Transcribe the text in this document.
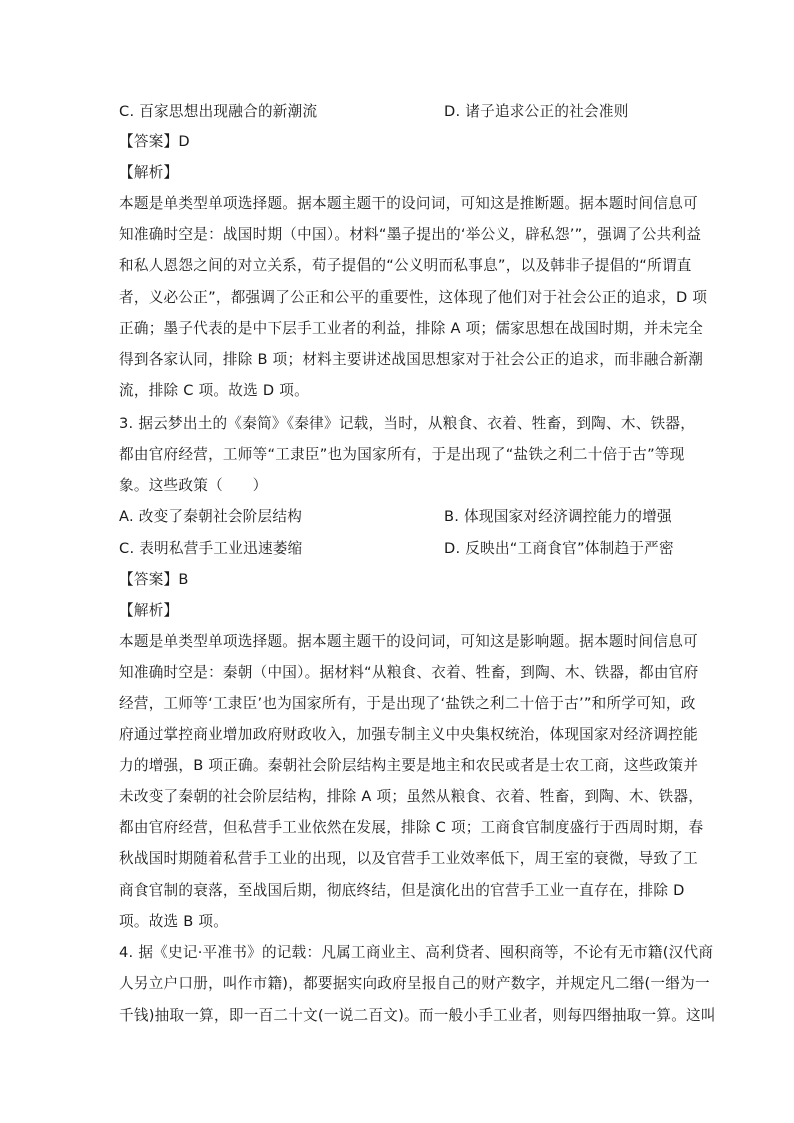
C. 百家思想出现融合的新潮流	D. 诸子追求公正的社会准则
【答案】D
【解析】
本题是单类型单项选择题。据本题主题干的设问词，可知这是推断题。据本题时间信息可
知准确时空是：战国时期（中国）。材料“墨子提出的‘举公义，辟私怨’”，强调了公共利益
和私人恩怨之间的对立关系，荀子提倡的“公义明而私事息”，以及韩非子提倡的“所谓直
者，义必公正”，都强调了公正和公平的重要性，这体现了他们对于社会公正的追求，D 项
正确；墨子代表的是中下层手工业者的利益，排除 A 项；儒家思想在战国时期，并未完全
得到各家认同，排除 B 项；材料主要讲述战国思想家对于社会公正的追求，而非融合新潮
流，排除 C 项。故选 D 项。
3. 据云梦出土的《秦简》《秦律》记载，当时，从粮食、衣着、牲畜，到陶、木、铁器，
都由官府经营，工师等“工隶臣”也为国家所有，于是出现了“盐铁之利二十倍于古”等现
象。这些政策（　　）
A. 改变了秦朝社会阶层结构	B. 体现国家对经济调控能力的增强
C. 表明私营手工业迅速萎缩	D. 反映出“工商食官”体制趋于严密
【答案】B
【解析】
本题是单类型单项选择题。据本题主题干的设问词，可知这是影响题。据本题时间信息可
知准确时空是：秦朝（中国）。据材料“从粮食、衣着、牲畜，到陶、木、铁器，都由官府
经营，工师等‘工隶臣’也为国家所有，于是出现了‘盐铁之利二十倍于古’”和所学可知，政
府通过掌控商业增加政府财政收入，加强专制主义中央集权统治，体现国家对经济调控能
力的增强，B 项正确。秦朝社会阶层结构主要是地主和农民或者是士农工商，这些政策并
未改变了秦朝的社会阶层结构，排除 A 项；虽然从粮食、衣着、牲畜，到陶、木、铁器，
都由官府经营，但私营手工业依然在发展，排除 C 项；工商食官制度盛行于西周时期，春
秋战国时期随着私营手工业的出现，以及官营手工业效率低下，周王室的衰微，导致了工
商食官制的衰落，至战国后期，彻底终结，但是演化出的官营手工业一直存在，排除 D
项。故选 B 项。
4. 据《史记·平准书》的记载：凡属工商业主、高利贷者、囤积商等，不论有无市籍(汉代商
人另立户口册，叫作市籍)，都要据实向政府呈报自己的财产数字，并规定凡二缗(一缗为一
千钱)抽取一算，即一百二十文(一说二百文)。而一般小手工业者，则每四缗抽取一算。这叫
